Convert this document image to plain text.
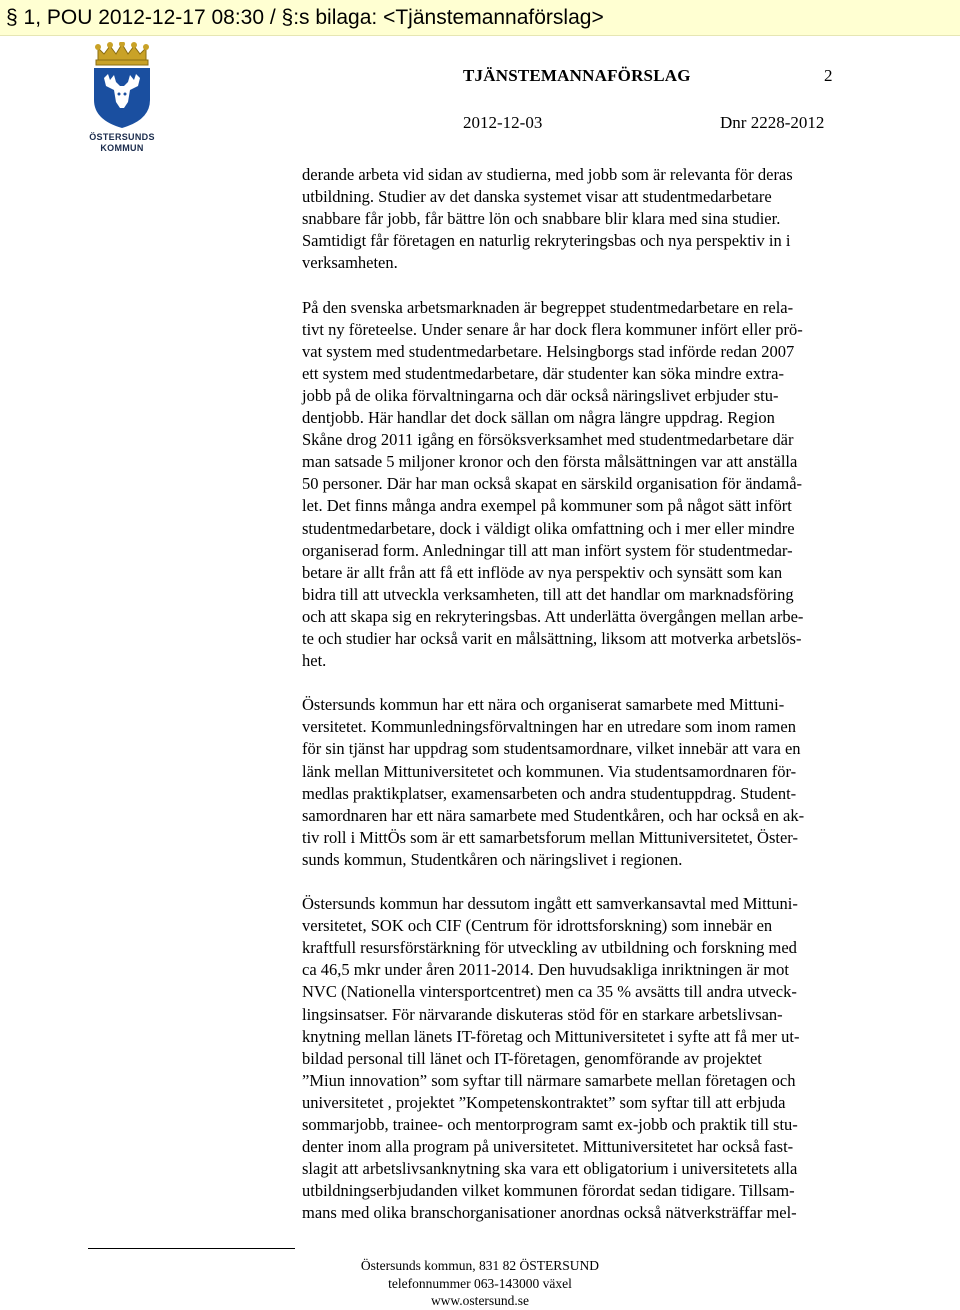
§ 1, POU 2012-12-17 08:30 / §:s bilaga: <Tjänstemannaförslag>
ÖSTERSUNDS
KOMMUN
TJÄNSTEMANNAFÖRSLAG	2
2012-12-03	Dnr 2228-2012

derande arbeta vid sidan av studierna, med jobb som är relevanta för deras
utbildning. Studier av det danska systemet visar att studentmedarbetare
snabbare får jobb, får bättre lön och snabbare blir klara med sina studier.
Samtidigt får företagen en naturlig rekryteringsbas och nya perspektiv in i
verksamheten.

På den svenska arbetsmarknaden är begreppet studentmedarbetare en rela-
tivt ny företeelse. Under senare år har dock flera kommuner infört eller prö-
vat system med studentmedarbetare. Helsingborgs stad införde redan 2007
ett system med studentmedarbetare, där studenter kan söka mindre extra-
jobb på de olika förvaltningarna och där också näringslivet erbjuder stu-
dentjobb. Här handlar det dock sällan om några längre uppdrag. Region
Skåne drog 2011 igång en försöksverksamhet med studentmedarbetare där
man satsade 5 miljoner kronor och den första målsättningen var att anställa
50 personer. Där har man också skapat en särskild organisation för ändamå-
let. Det finns många andra exempel på kommuner som på något sätt infört
studentmedarbetare, dock i väldigt olika omfattning och i mer eller mindre
organiserad form. Anledningar till att man infört system för studentmedar-
betare är allt från att få ett inflöde av nya perspektiv och synsätt som kan
bidra till att utveckla verksamheten, till att det handlar om marknadsföring
och att skapa sig en rekryteringsbas. Att underlätta övergången mellan arbe-
te och studier har också varit en målsättning, liksom att motverka arbetslös-
het.

Östersunds kommun har ett nära och organiserat samarbete med Mittuni-
versitetet. Kommunledningsförvaltningen har en utredare som inom ramen
för sin tjänst har uppdrag som studentsamordnare, vilket innebär att vara en
länk mellan Mittuniversitetet och kommunen. Via studentsamordnaren för-
medlas praktikplatser, examensarbeten och andra studentuppdrag. Student-
samordnaren har ett nära samarbete med Studentkåren, och har också en ak-
tiv roll i MittÖs som är ett samarbetsforum mellan Mittuniversitetet, Öster-
sunds kommun, Studentkåren och näringslivet i regionen.

Östersunds kommun har dessutom ingått ett samverkansavtal med Mittuni-
versitetet, SOK och CIF (Centrum för idrottsforskning) som innebär en
kraftfull resursförstärkning för utveckling av utbildning och forskning med
ca 46,5 mkr under åren 2011-2014. Den huvudsakliga inriktningen är mot
NVC (Nationella vintersportcentret) men ca 35 % avsätts till andra utveck-
lingsinsatser. För närvarande diskuteras stöd för en starkare arbetslivsan-
knytning mellan länets IT-företag och Mittuniversitetet i syfte att få mer ut-
bildad personal till länet och IT-företagen, genomförande av projektet
”Miun innovation” som syftar till närmare samarbete mellan företagen och
universitetet , projektet ”Kompetenskontraktet” som syftar till att erbjuda
sommarjobb, trainee- och mentorprogram samt ex-jobb och praktik till stu-
denter inom alla program på universitetet. Mittuniversitetet har också fast-
slagit att arbetslivsanknytning ska vara ett obligatorium i universitetets alla
utbildningserbjudanden vilket kommunen förordat sedan tidigare. Tillsam-
mans med olika branschorganisationer anordnas också nätverksträffar mel-

Östersunds kommun, 831 82 ÖSTERSUND
telefonnummer 063-143000 växel
www.ostersund.se
